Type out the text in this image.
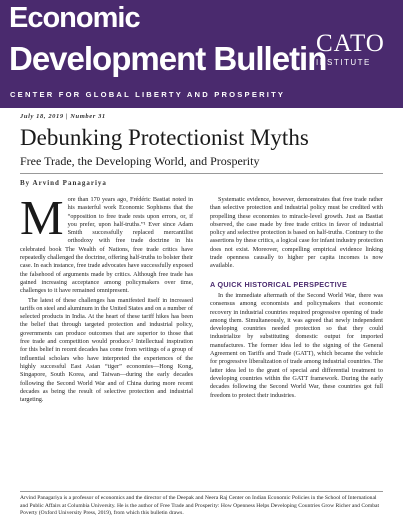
Economic
Development Bulletin
CENTER FOR GLOBAL LIBERTY AND PROSPERITY
CATO
INSTITUTE
July 18, 2019 | Number 31
Debunking Protectionist Myths
Free Trade, the Developing World, and Prosperity
By Arvind Panagariya

More than 170 years ago, Frédéric Bastiat noted in his masterful work Economic Sophisms that the “opposition to free trade rests upon errors, or, if you prefer, upon half-truths.”¹ Ever since Adam Smith successfully replaced mercantilist orthodoxy with free trade doctrine in his celebrated book The Wealth of Nations, free trade critics have repeatedly challenged the doctrine, offering half-truths to bolster their case. In each instance, free trade advocates have successfully exposed the falsehood of arguments made by critics. Although free trade has gained increasing acceptance among policymakers over time, challenges to it have remained omnipresent.

The latest of these challenges has manifested itself in increased tariffs on steel and aluminum in the United States and on a number of selected products in India. At the heart of these tariff hikes has been the belief that through targeted protection and industrial policy, governments can produce outcomes that are superior to those that free trade and competition would produce.² Intellectual inspiration for this belief in recent decades has come from writings of a group of influential scholars who have interpreted the experiences of the highly successful East Asian “tiger” economies—Hong Kong, Singapore, South Korea, and Taiwan—during the early decades following the Second World War and of China during more recent decades as being the result of selective protection and industrial targeting.

Systematic evidence, however, demonstrates that free trade rather than selective protection and industrial policy must be credited with propelling these economies to miracle-level growth. Just as Bastiat observed, the case made by free trade critics in favor of industrial policy and selective protection is based on half-truths. Contrary to the assertions by these critics, a logical case for infant industry protection does not exist. Moreover, compelling empirical evidence linking trade openness causally to higher per capita incomes is now available.

A QUICK HISTORICAL PERSPECTIVE

In the immediate aftermath of the Second World War, there was consensus among economists and policymakers that economic recovery in industrial countries required progressive opening of trade among them. Simultaneously, it was agreed that newly independent developing countries needed protection so that they could industrialize by substituting domestic output for imported manufactures. The former idea led to the signing of the General Agreement on Tariffs and Trade (GATT), which became the vehicle for progressive liberalization of trade among industrial countries. The latter idea led to the grant of special and differential treatment to developing countries within the GATT framework. During the early decades following the Second World War, these countries got full freedom to protect their industries.

Arvind Panagariya is a professor of economics and the director of the Deepak and Neera Raj Center on Indian Economic Policies in the School of International and Public Affairs at Columbia University. He is the author of Free Trade and Prosperity: How Openness Helps Developing Countries Grow Richer and Combat Poverty (Oxford University Press, 2019), from which this bulletin draws.
